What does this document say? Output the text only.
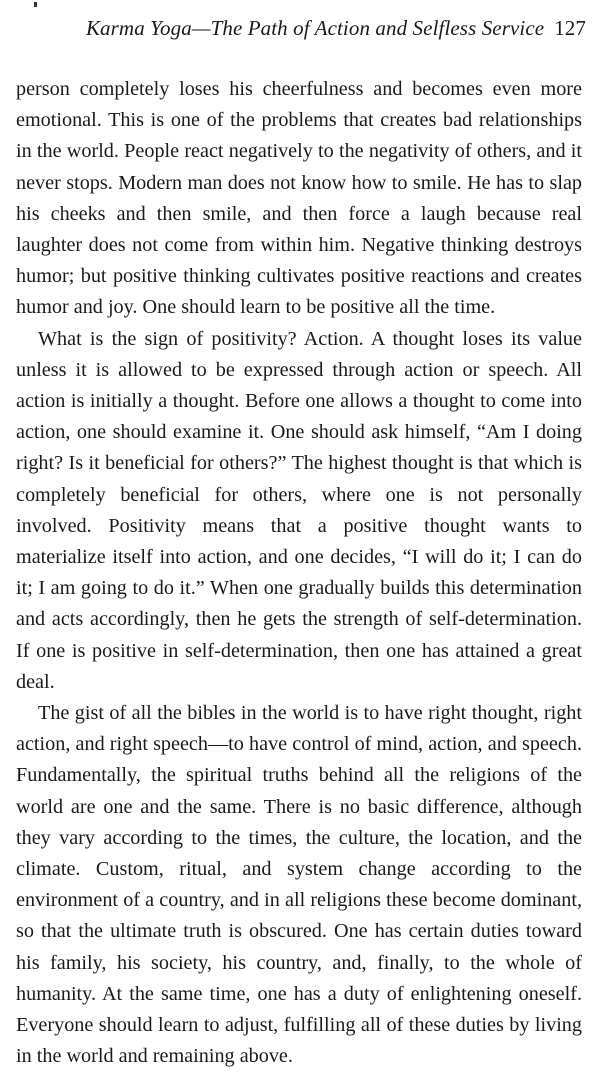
Karma Yoga—The Path of Action and Selfless Service 127

person completely loses his cheerfulness and becomes even more emotional. This is one of the problems that creates bad relationships in the world. People react negatively to the negativity of others, and it never stops. Modern man does not know how to smile. He has to slap his cheeks and then smile, and then force a laugh because real laughter does not come from within him. Negative thinking destroys humor; but positive thinking cultivates positive reactions and creates humor and joy. One should learn to be positive all the time.

What is the sign of positivity? Action. A thought loses its value unless it is allowed to be expressed through action or speech. All action is initially a thought. Before one allows a thought to come into action, one should examine it. One should ask himself, “Am I doing right? Is it beneficial for others?” The highest thought is that which is completely beneficial for others, where one is not personally involved. Positivity means that a positive thought wants to materialize itself into action, and one decides, “I will do it; I can do it; I am going to do it.” When one gradually builds this determination and acts accordingly, then he gets the strength of self-determination. If one is positive in self-determination, then one has attained a great deal.

The gist of all the bibles in the world is to have right thought, right action, and right speech—to have control of mind, action, and speech. Fundamentally, the spiritual truths behind all the religions of the world are one and the same. There is no basic difference, although they vary according to the times, the culture, the location, and the climate. Custom, ritual, and system change according to the environment of a country, and in all religions these become dominant, so that the ultimate truth is obscured. One has certain duties toward his family, his society, his country, and, finally, to the whole of humanity. At the same time, one has a duty of enlightening oneself. Everyone should learn to adjust, fulfilling all of these duties by living in the world and remaining above.
